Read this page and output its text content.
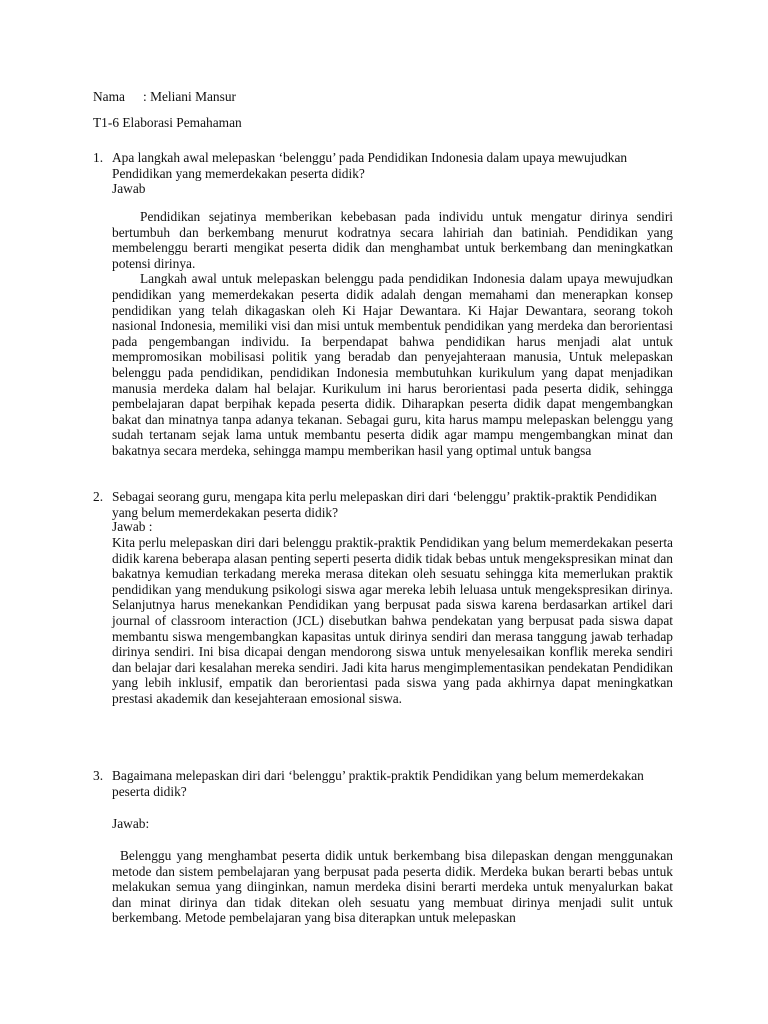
Nama : Meliani Mansur
T1-6 Elaborasi Pemahaman
1. Apa langkah awal melepaskan ‘belenggu’ pada Pendidikan Indonesia dalam upaya mewujudkan Pendidikan yang memerdekakan peserta didik?
Jawab

Pendidikan sejatinya memberikan kebebasan pada individu untuk mengatur dirinya sendiri bertumbuh dan berkembang menurut kodratnya secara lahiriah dan batiniah. Pendidikan yang membelenggu berarti mengikat peserta didik dan menghambat untuk berkembang dan meningkatkan potensi dirinya.

Langkah awal untuk melepaskan belenggu pada pendidikan Indonesia dalam upaya mewujudkan pendidikan yang memerdekakan peserta didik adalah dengan memahami dan menerapkan konsep pendidikan yang telah dikagaskan oleh Ki Hajar Dewantara. Ki Hajar Dewantara, seorang tokoh nasional Indonesia, memiliki visi dan misi untuk membentuk pendidikan yang merdeka dan berorientasi pada pengembangan individu. Ia berpendapat bahwa pendidikan harus menjadi alat untuk mempromosikan mobilisasi politik yang beradab dan penyejahteraan manusia, Untuk melepaskan belenggu pada pendidikan, pendidikan Indonesia membutuhkan kurikulum yang dapat menjadikan manusia merdeka dalam hal belajar. Kurikulum ini harus berorientasi pada peserta didik, sehingga pembelajaran dapat berpihak kepada peserta didik. Diharapkan peserta didik dapat mengembangkan bakat dan minatnya tanpa adanya tekanan. Sebagai guru, kita harus mampu melepaskan belenggu yang sudah tertanam sejak lama untuk membantu peserta didik agar mampu mengembangkan minat dan bakatnya secara merdeka, sehingga mampu memberikan hasil yang optimal untuk bangsa

2. Sebagai seorang guru, mengapa kita perlu melepaskan diri dari ‘belenggu’ praktik-praktik Pendidikan yang belum memerdekakan peserta didik?
Jawab :

Kita perlu melepaskan diri dari belenggu praktik-praktik Pendidikan yang belum memerdekakan peserta didik karena beberapa alasan penting seperti peserta didik tidak bebas untuk mengekspresikan minat dan bakatnya kemudian terkadang mereka merasa ditekan oleh sesuatu sehingga kita memerlukan praktik pendidikan yang mendukung psikologi siswa agar mereka lebih leluasa untuk mengekspresikan dirinya. Selanjutnya harus menekankan Pendidikan yang berpusat pada siswa karena berdasarkan artikel dari journal of classroom interaction (JCL) disebutkan bahwa pendekatan yang berpusat pada siswa dapat membantu siswa mengembangkan kapasitas untuk dirinya sendiri dan merasa tanggung jawab terhadap dirinya sendiri. Ini bisa dicapai dengan mendorong siswa untuk menyelesaikan konflik mereka sendiri dan belajar dari kesalahan mereka sendiri. Jadi kita harus mengimplementasikan pendekatan Pendidikan yang lebih inklusif, empatik dan berorientasi pada siswa yang pada akhirnya dapat meningkatkan prestasi akademik dan kesejahteraan emosional siswa.

3. Bagaimana melepaskan diri dari ‘belenggu’ praktik-praktik Pendidikan yang belum memerdekakan peserta didik?
Jawab:

Belenggu yang menghambat peserta didik untuk berkembang bisa dilepaskan dengan menggunakan metode dan sistem pembelajaran yang berpusat pada peserta didik. Merdeka bukan berarti bebas untuk melakukan semua yang diinginkan, namun merdeka disini berarti merdeka untuk menyalurkan bakat dan minat dirinya dan tidak ditekan oleh sesuatu yang membuat dirinya menjadi sulit untuk berkembang. Metode pembelajaran yang bisa diterapkan untuk melepaskan
